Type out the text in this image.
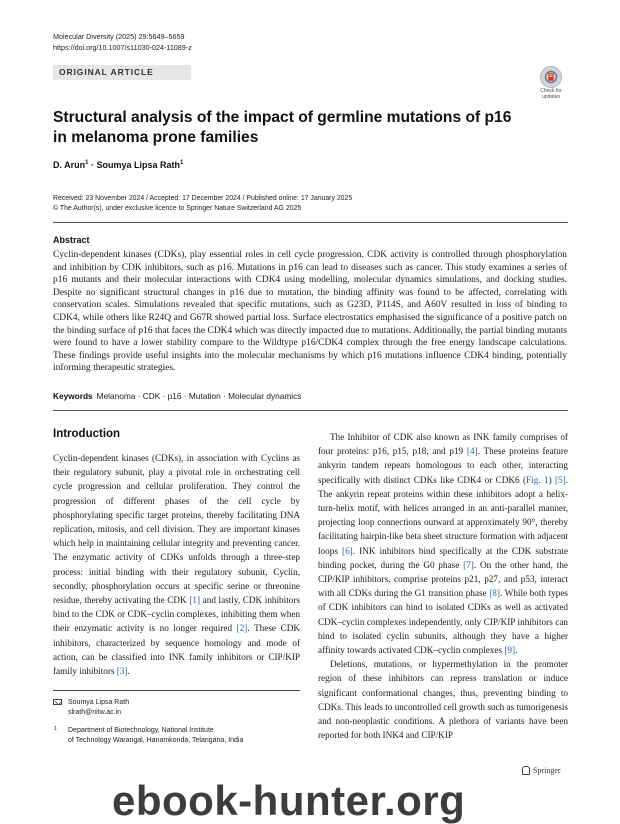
Molecular Diversity (2025) 29:5649–5659
https://doi.org/10.1007/s11030-024-11089-z
ORIGINAL ARTICLE
Check for
updates
Structural analysis of the impact of germline mutations of p16 in melanoma prone families
D. Arun$^1$ · Soumya Lipsa Rath$^1$
Received: 23 November 2024 / Accepted: 17 December 2024 / Published online: 17 January 2025
© The Author(s), under exclusive licence to Springer Nature Switzerland AG 2025
Abstract
Cyclin-dependent kinases (CDKs), play essential roles in cell cycle progression. CDK activity is controlled through phosphorylation and inhibition by CDK inhibitors, such as p16. Mutations in p16 can lead to diseases such as cancer. This study examines a series of p16 mutants and their molecular interactions with CDK4 using modelling, molecular dynamics simulations, and docking studies. Despite no significant structural changes in p16 due to mutation, the binding affinity was found to be affected, correlating with conservation scales. Simulations revealed that specific mutations, such as G23D, P114S, and A60V resulted in loss of binding to CDK4, while others like R24Q and G67R showed partial loss. Surface electrostatics emphasised the significance of a positive patch on the binding surface of p16 that faces the CDK4 which was directly impacted due to mutations. Additionally, the partial binding mutants were found to have a lower stability compare to the Wildtype p16/CDK4 complex through the free energy landscape calculations. These findings provide useful insights into the molecular mechanisms by which p16 mutations influence CDK4 binding, potentially informing therapeutic strategies.
Keywords Melanoma · CDK · p16 · Mutation · Molecular dynamics
Introduction

Cyclin-dependent kinases (CDKs), in association with Cyclins as their regulatory subunit, play a pivotal role in orchestrating cell cycle progression and cellular proliferation. They control the progression of different phases of the cell cycle by phosphorylating specific target proteins, thereby facilitating DNA replication, mitosis, and cell division. They are important kinases which help in maintaining cellular integrity and preventing cancer. The enzymatic activity of CDKs unfolds through a three-step process: initial binding with their regulatory subunit, Cyclin, secondly, phosphorylation occurs at specific serine or threonine residue, thereby activating the CDK [1] and lastly, CDK inhibitors bind to the CDK or CDK–cyclin complexes, inhibiting them when their enzymatic activity is no longer required [2]. These CDK inhibitors, characterized by sequence homology and mode of action, can be classified into INK family inhibitors or CIP/KIP family inhibitors [3].

The Inhibitor of CDK also known as INK family comprises of four proteins: p16, p15, p18, and p19 [4]. These proteins feature ankyrin tandem repeats homologous to each other, interacting specifically with distinct CDKs like CDK4 or CDK6 (Fig. 1) [5]. The ankyrin repeat proteins within these inhibitors adopt a helix-turn-helix motif, with helices arranged in an anti-parallel manner, projecting loop connections outward at approximately 90°, thereby facilitating hairpin-like beta sheet structure formation with adjacent loops [6]. INK inhibitors bind specifically at the CDK substrate binding pocket, during the G0 phase [7]. On the other hand, the CIP/KIP inhibitors, comprise proteins p21, p27, and p53, interact with all CDKs during the G1 transition phase [8]. While both types of CDK inhibitors can bind to isolated CDKs as well as activated CDK–cyclin complexes independently, only CIP/KIP inhibitors can bind to isolated cyclin subunits, although they have a higher affinity towards activated CDK–cyclin complexes [9].

Deletions, mutations, or hypermethylation in the promoter region of these inhibitors can repress translation or induce significant conformational changes, thus, preventing binding to CDKs. This leads to uncontrolled cell growth such as tumorigenesis and non-neoplastic conditions. A plethora of variants have been reported for both INK4 and CIP/KIP

Soumya Lipsa Rath
slrath@nitw.ac.in
1 Department of Biotechnology, National Institute
of Technology Warangal, Hanamkonda, Telangana, India
Springer
ebook-hunter.org
